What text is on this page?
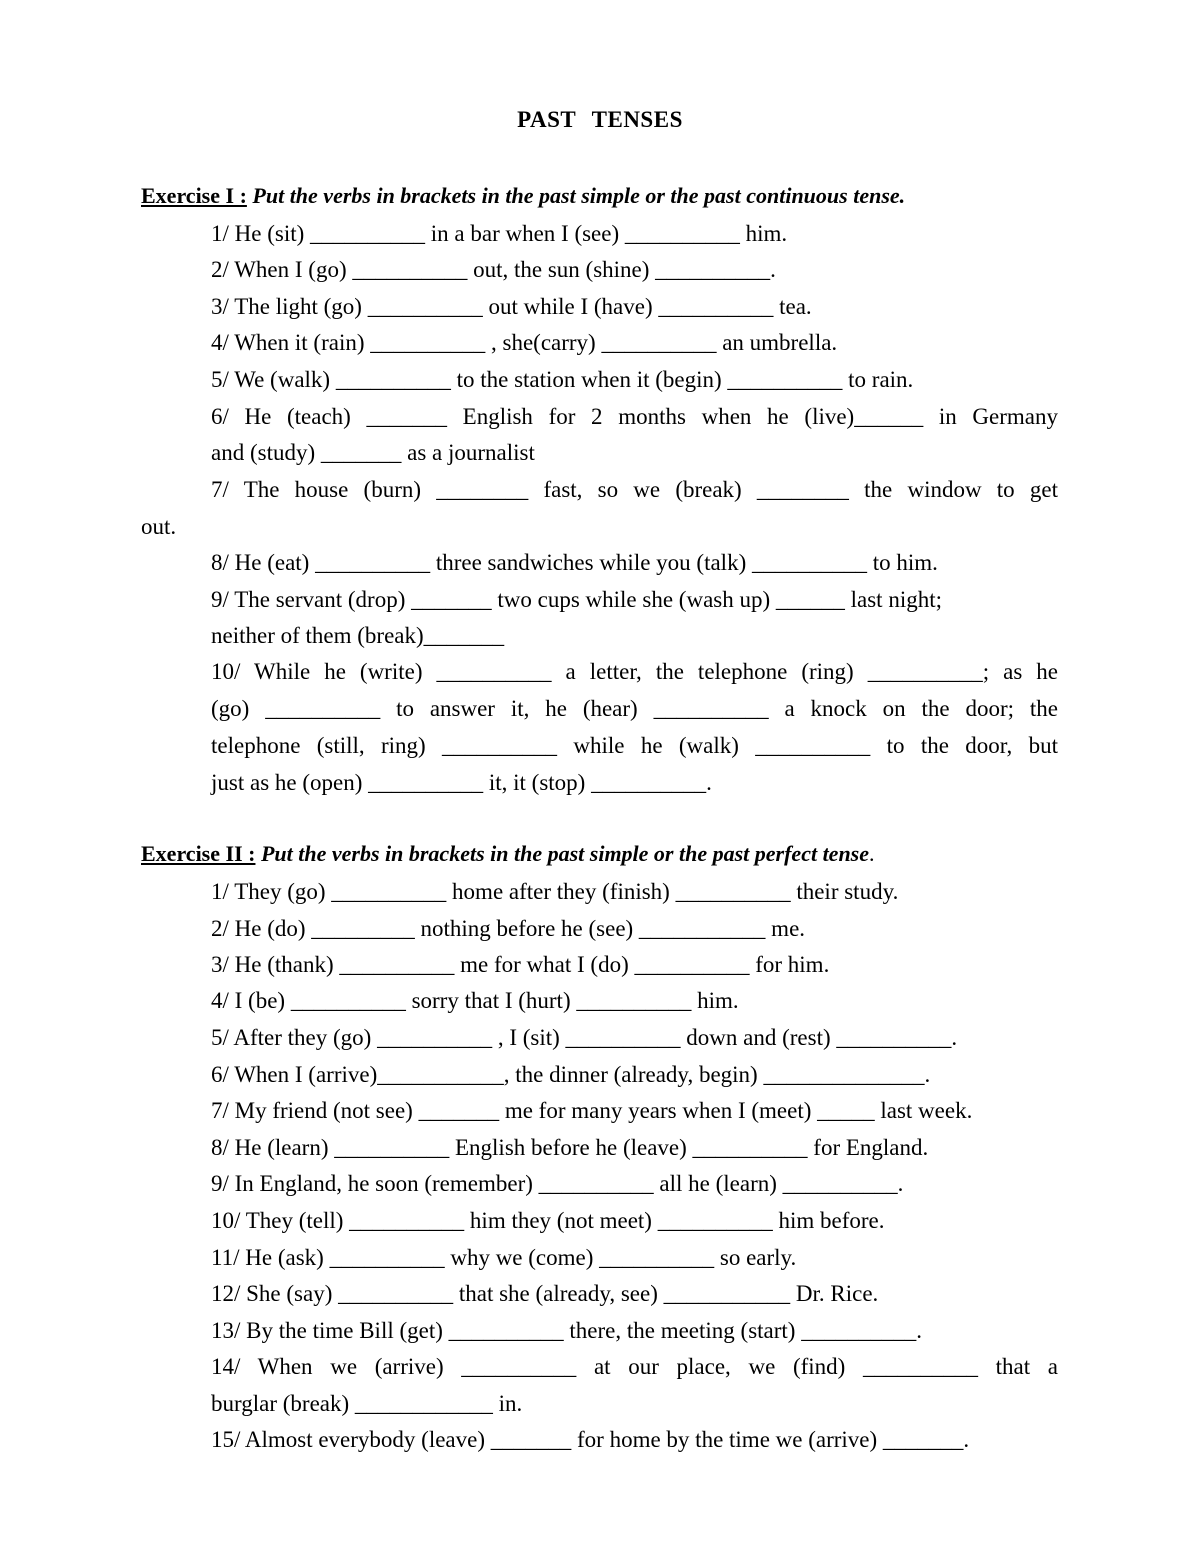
PAST TENSES
Exercise I : Put the verbs in brackets in the past simple or the past continuous tense.
1/ He (sit) __________ in a bar when I (see) __________ him.
2/ When I (go) __________ out, the sun (shine) __________.
3/ The light (go) __________ out while I (have) __________ tea.
4/ When it (rain) __________ , she(carry) __________ an umbrella.
5/ We (walk) __________ to the station when it (begin) __________ to rain.
6/ He (teach) _______ English for 2 months when he (live)______ in Germany
and (study) _______ as a journalist
7/ The house (burn) ________ fast, so we (break) ________ the window to get
out.
8/ He (eat) __________ three sandwiches while you (talk) __________ to him.
9/ The servant (drop) _______ two cups while she (wash up) ______ last night;
neither of them (break)_______
10/ While he (write) __________ a letter, the telephone (ring) __________; as he
(go) __________ to answer it, he (hear) __________ a knock on the door; the
telephone (still, ring) __________ while he (walk) __________ to the door, but
just as he (open) __________ it, it (stop) __________.
Exercise II : Put the verbs in brackets in the past simple or the past perfect tense.
1/ They (go) __________ home after they (finish) __________ their study.
2/ He (do) _________ nothing before he (see) ___________ me.
3/ He (thank) __________ me for what I (do) __________ for him.
4/ I (be) __________ sorry that I (hurt) __________ him.
5/ After they (go) __________ , I (sit) __________ down and (rest) __________.
6/ When I (arrive)___________, the dinner (already, begin) ______________.
7/ My friend (not see) _______ me for many years when I (meet) _____ last week.
8/ He (learn) __________ English before he (leave) __________ for England.
9/ In England, he soon (remember) __________ all he (learn) __________.
10/ They (tell) __________ him they (not meet) __________ him before.
11/ He (ask) __________ why we (come) __________ so early.
12/ She (say) __________ that she (already, see) ___________ Dr. Rice.
13/ By the time Bill (get) __________ there, the meeting (start) __________.
14/ When we (arrive) __________ at our place, we (find) __________ that a
burglar (break) ____________ in.
15/ Almost everybody (leave) _______ for home by the time we (arrive) _______.
